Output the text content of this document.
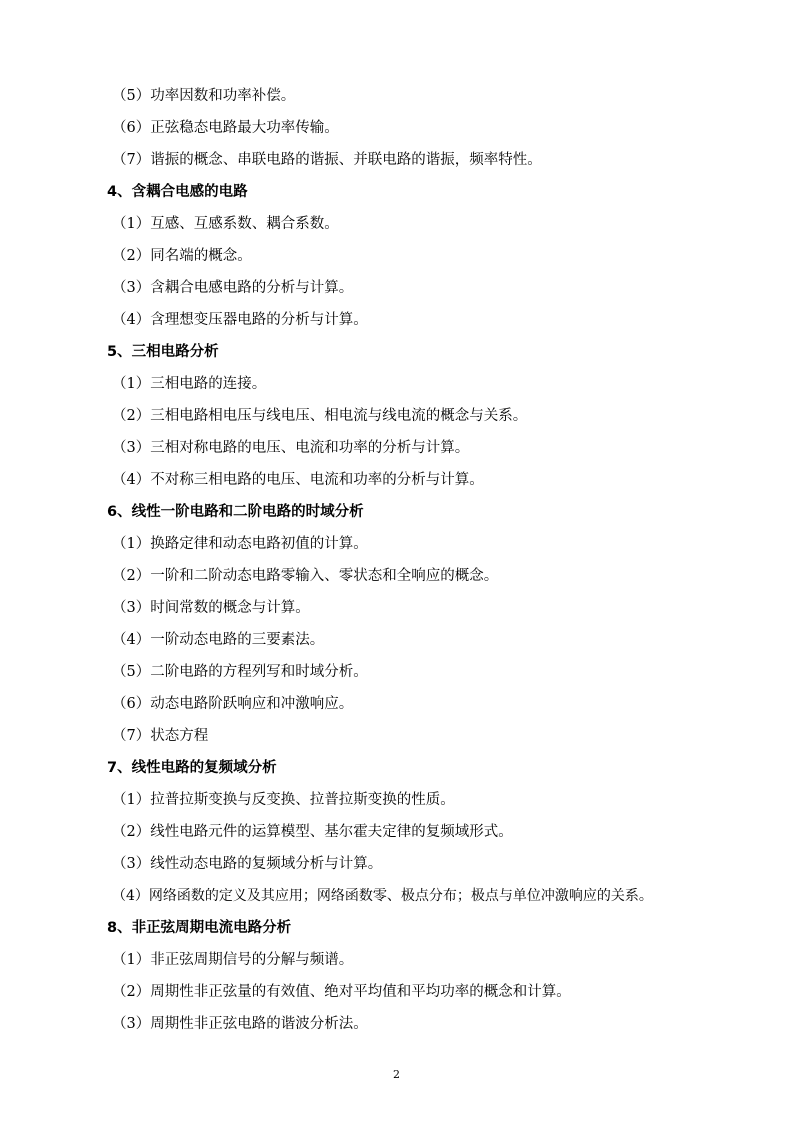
（5）功率因数和功率补偿。
（6）正弦稳态电路最大功率传输。
（7）谐振的概念、串联电路的谐振、并联电路的谐振，频率特性。
4、含耦合电感的电路
（1）互感、互感系数、耦合系数。
（2）同名端的概念。
（3）含耦合电感电路的分析与计算。
（4）含理想变压器电路的分析与计算。
5、三相电路分析
（1）三相电路的连接。
（2）三相电路相电压与线电压、相电流与线电流的概念与关系。
（3）三相对称电路的电压、电流和功率的分析与计算。
（4）不对称三相电路的电压、电流和功率的分析与计算。
6、线性一阶电路和二阶电路的时域分析
（1）换路定律和动态电路初值的计算。
（2）一阶和二阶动态电路零输入、零状态和全响应的概念。
（3）时间常数的概念与计算。
（4）一阶动态电路的三要素法。
（5）二阶电路的方程列写和时域分析。
（6）动态电路阶跃响应和冲激响应。
（7）状态方程
7、线性电路的复频域分析
（1）拉普拉斯变换与反变换、拉普拉斯变换的性质。
（2）线性电路元件的运算模型、基尔霍夫定律的复频域形式。
（3）线性动态电路的复频域分析与计算。
（4）网络函数的定义及其应用；网络函数零、极点分布；极点与单位冲激响应的关系。
8、非正弦周期电流电路分析
（1）非正弦周期信号的分解与频谱。
（2）周期性非正弦量的有效值、绝对平均值和平均功率的概念和计算。
（3）周期性非正弦电路的谐波分析法。
2
